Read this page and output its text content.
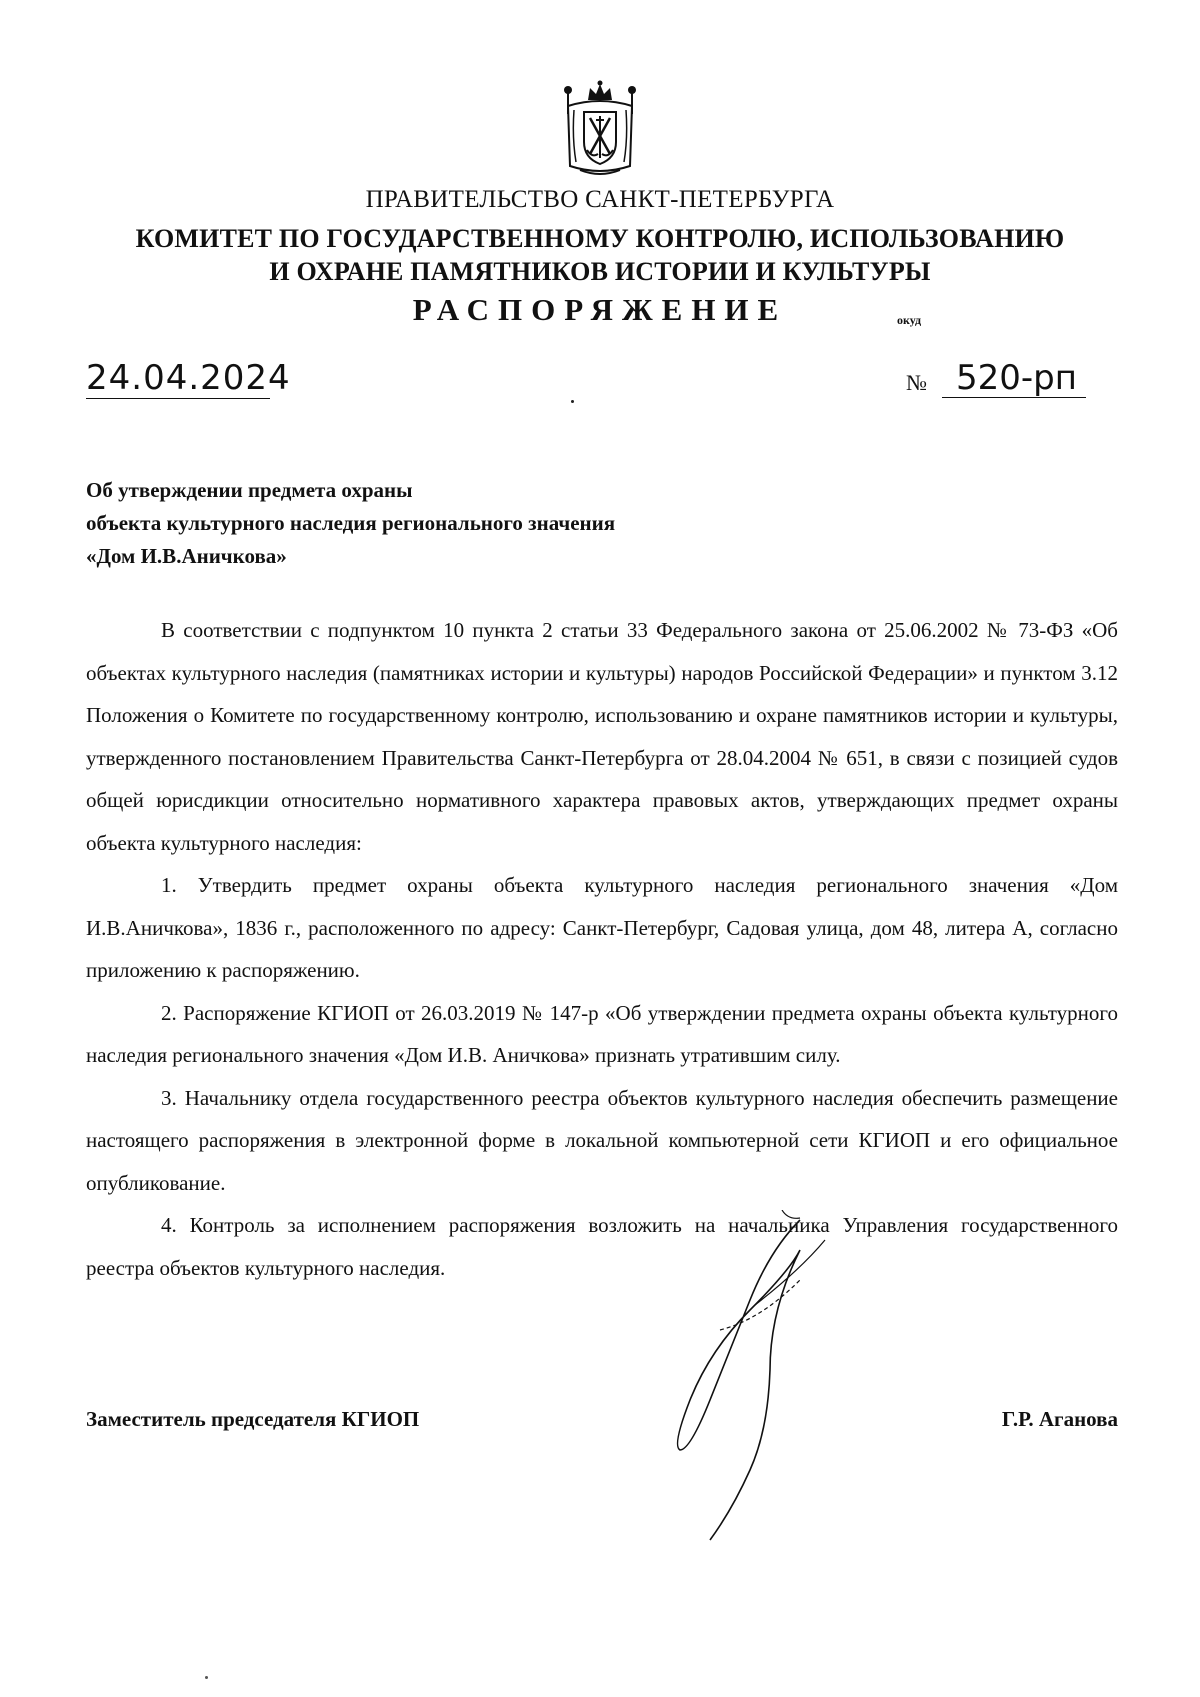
ПРАВИТЕЛЬСТВО САНКТ-ПЕТЕРБУРГА
КОМИТЕТ ПО ГОСУДАРСТВЕННОМУ КОНТРОЛЮ, ИСПОЛЬЗОВАНИЮ
И ОХРАНЕ ПАМЯТНИКОВ ИСТОРИИ И КУЛЬТУРЫ
РАСПОРЯЖЕНИЕ	окуд
24.04.2024	№ 520-рп
Об утверждении предмета охраны
объекта культурного наследия регионального значения
«Дом И.В.Аничкова»

В соответствии с подпунктом 10 пункта 2 статьи 33 Федерального закона от 25.06.2002 № 73-ФЗ «Об объектах культурного наследия (памятниках истории и культуры) народов Российской Федерации» и пунктом 3.12 Положения о Комитете по государственному контролю, использованию и охране памятников истории и культуры, утвержденного постановлением Правительства Санкт-Петербурга от 28.04.2004 № 651, в связи с позицией судов общей юрисдикции относительно нормативного характера правовых актов, утверждающих предмет охраны объекта культурного наследия:

1. Утвердить предмет охраны объекта культурного наследия регионального значения «Дом И.В.Аничкова», 1836 г., расположенного по адресу: Санкт-Петербург, Садовая улица, дом 48, литера А, согласно приложению к распоряжению.

2. Распоряжение КГИОП от 26.03.2019 № 147-р «Об утверждении предмета охраны объекта культурного наследия регионального значения «Дом И.В. Аничкова» признать утратившим силу.

3. Начальнику отдела государственного реестра объектов культурного наследия обеспечить размещение настоящего распоряжения в электронной форме в локальной компьютерной сети КГИОП и его официальное опубликование.

4. Контроль за исполнением распоряжения возложить на начальника Управления государственного реестра объектов культурного наследия.

Заместитель председателя КГИОП	Г.Р. Аганова
